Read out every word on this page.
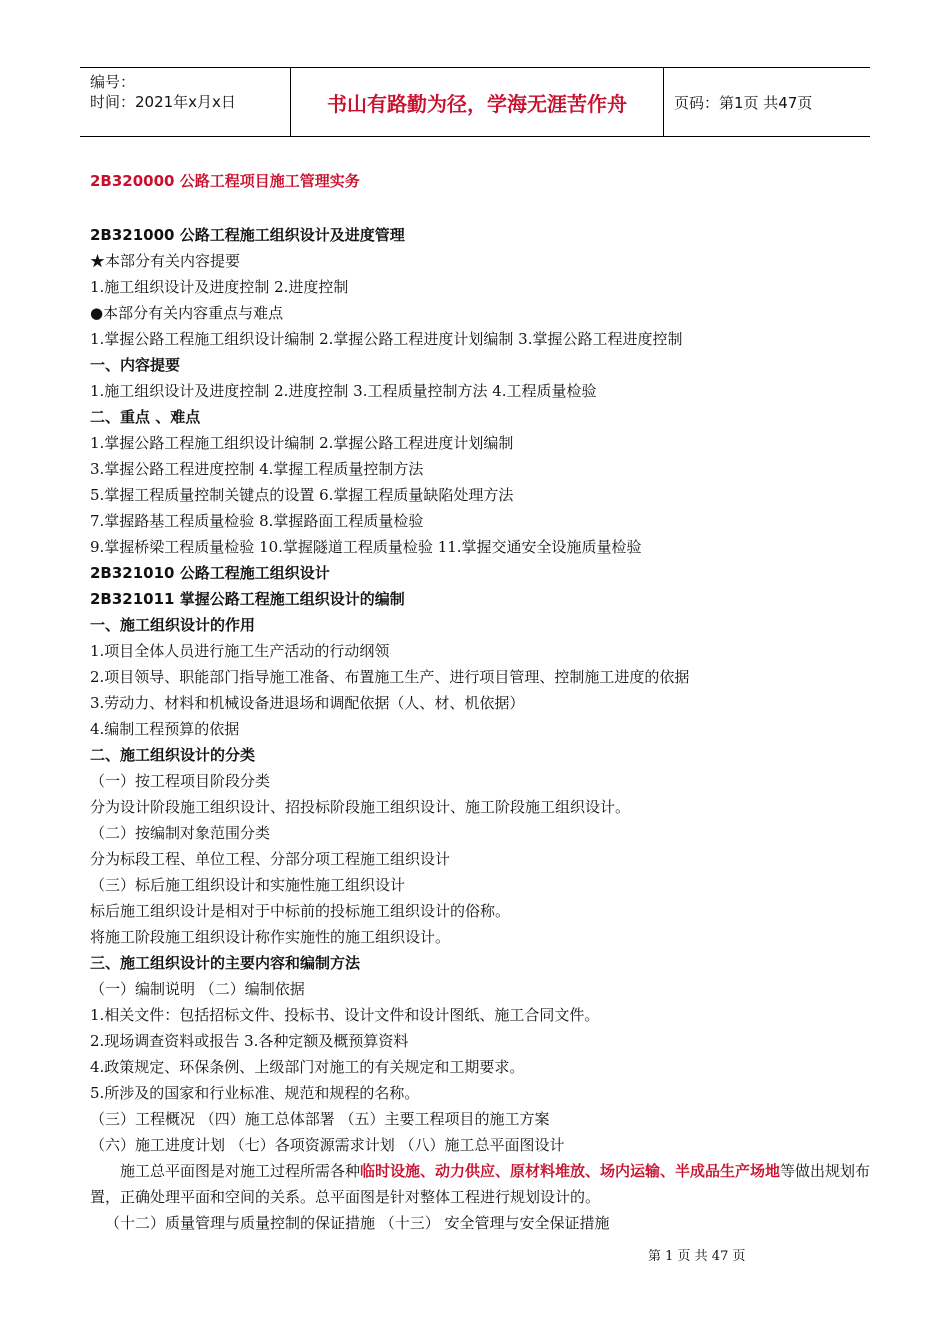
编号：
时间：2021年x月x日	书山有路勤为径，学海无涯苦作舟	页码：第1页 共47页
2B320000 公路工程项目施工管理实务
2B321000 公路工程施工组织设计及进度管理
★本部分有关内容提要
1.施工组织设计及进度控制 2.进度控制
●本部分有关内容重点与难点
1.掌握公路工程施工组织设计编制 2.掌握公路工程进度计划编制 3.掌握公路工程进度控制
一、内容提要
1.施工组织设计及进度控制 2.进度控制 3.工程质量控制方法 4.工程质量检验
二、重点 、难点
1.掌握公路工程施工组织设计编制 2.掌握公路工程进度计划编制
3.掌握公路工程进度控制 4.掌握工程质量控制方法
5.掌握工程质量控制关键点的设置 6.掌握工程质量缺陷处理方法
7.掌握路基工程质量检验 8.掌握路面工程质量检验
9.掌握桥梁工程质量检验 10.掌握隧道工程质量检验 11.掌握交通安全设施质量检验
2B321010 公路工程施工组织设计
2B321011 掌握公路工程施工组织设计的编制
一、施工组织设计的作用
1.项目全体人员进行施工生产活动的行动纲领
2.项目领导、职能部门指导施工准备、布置施工生产、进行项目管理、控制施工进度的依据
3.劳动力、材料和机械设备进退场和调配依据（人、材、机依据）
4.编制工程预算的依据
二、施工组织设计的分类
（一）按工程项目阶段分类
分为设计阶段施工组织设计、招投标阶段施工组织设计、施工阶段施工组织设计。
（二）按编制对象范围分类
分为标段工程、单位工程、分部分项工程施工组织设计
（三）标后施工组织设计和实施性施工组织设计
标后施工组织设计是相对于中标前的投标施工组织设计的俗称。
将施工阶段施工组织设计称作实施性的施工组织设计。
三、施工组织设计的主要内容和编制方法
（一）编制说明 （二）编制依据
1.相关文件：包括招标文件、投标书、设计文件和设计图纸、施工合同文件。
2.现场调查资料或报告 3.各种定额及概预算资料
4.政策规定、环保条例、上级部门对施工的有关规定和工期要求。
5.所涉及的国家和行业标准、规范和规程的名称。
（三）工程概况 （四）施工总体部署 （五）主要工程项目的施工方案
（六）施工进度计划 （七）各项资源需求计划 （八）施工总平面图设计
施工总平面图是对施工过程所需各种临时设施、动力供应、原材料堆放、场内运输、半成品生产场地等做出规划布置，正确处理平面和空间的关系。总平面图是针对整体工程进行规划设计的。
（十二）质量管理与质量控制的保证措施 （十三） 安全管理与安全保证措施
第 1 页 共 47 页
